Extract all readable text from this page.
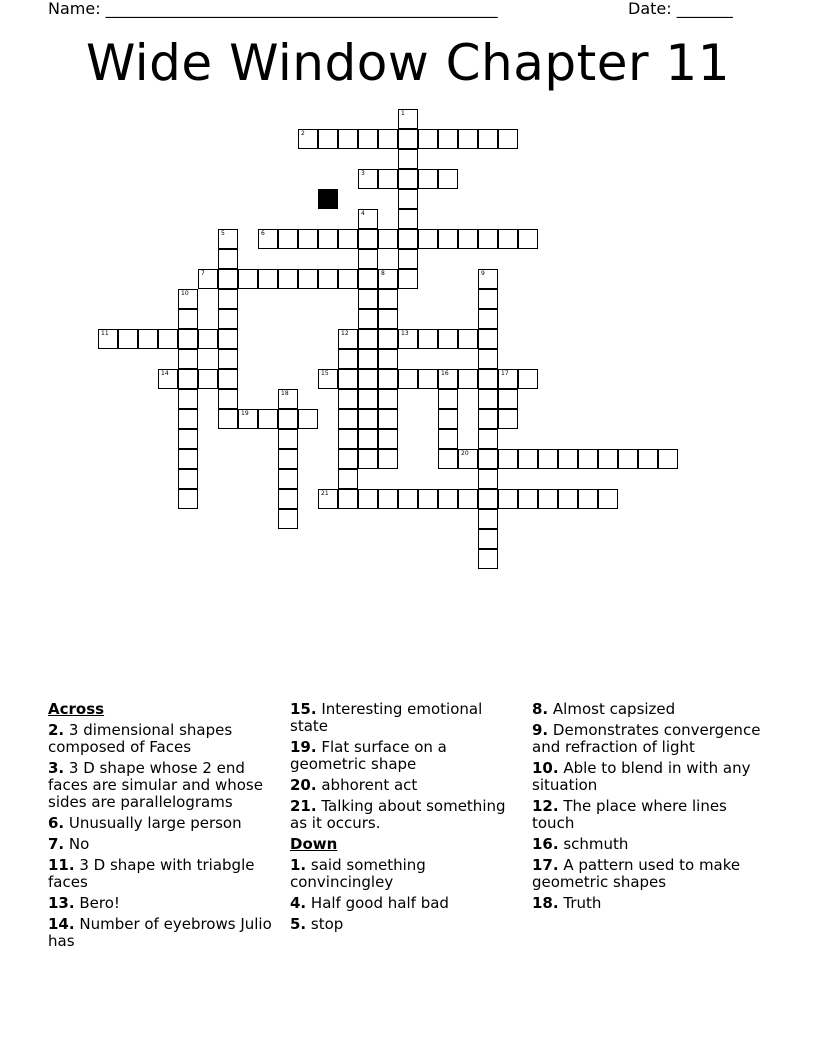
Name: _________________________________________________	Date: _______
Wide Window Chapter 11
1
2
3
4
5	6
7	8	9
10
11	12	13
14	15	16	17
18
19
20
21
Across
2. 3 dimensional shapes composed of Faces
3. 3 D shape whose 2 end faces are simular and whose sides are parallelograms
6. Unusually large person
7. No
11. 3 D shape with triabgle faces
13. Bero!
14. Number of eyebrows Julio has
15. Interesting emotional state
19. Flat surface on a geometric shape
20. abhorent act
21. Talking about something as it occurs.
Down
1. said something convincingley
4. Half good half bad
5. stop
8. Almost capsized
9. Demonstrates convergence and refraction of light
10. Able to blend in with any situation
12. The place where lines touch
16. schmuth
17. A pattern used to make geometric shapes
18. Truth
